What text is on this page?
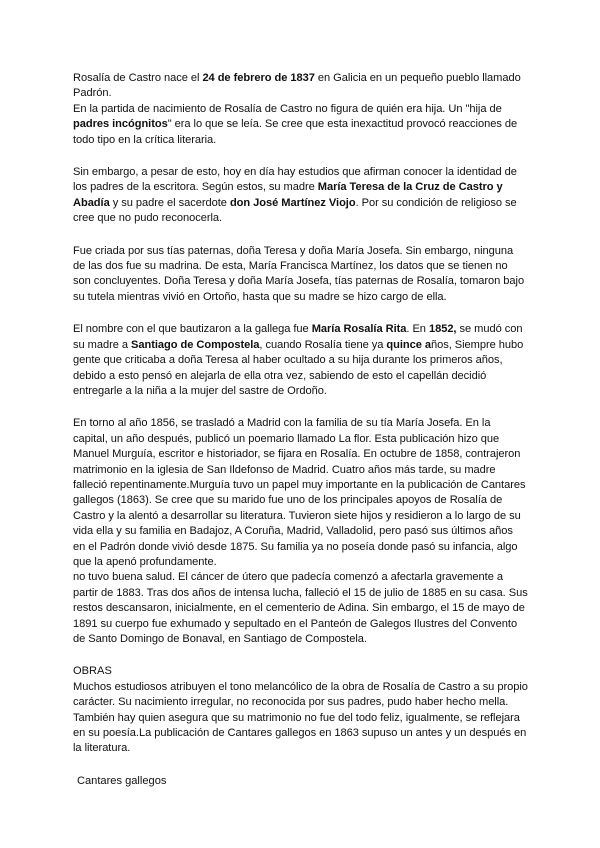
Rosalía de Castro nace el 24 de febrero de 1837 en Galicia en un pequeño pueblo llamado Padrón.

En la partida de nacimiento de Rosalía de Castro no figura de quién era hija. Un "hija de padres incógnitos" era lo que se leía. Se cree que esta inexactitud provocó reacciones de todo tipo en la crítica literaria.

Sin embargo, a pesar de esto, hoy en día hay estudios que afirman conocer la identidad de los padres de la escritora. Según estos, su madre María Teresa de la Cruz de Castro y Abadía y su padre el sacerdote don José Martínez Viojo. Por su condición de religioso se cree que no pudo reconocerla.

Fue criada por sus tías paternas, doña Teresa y doña María Josefa. Sin embargo, ninguna de las dos fue su madrina. De esta, María Francisca Martínez, los datos que se tienen no son concluyentes. Doña Teresa y doña María Josefa, tías paternas de Rosalía, tomaron bajo su tutela mientras vivió en Ortoño, hasta que su madre se hizo cargo de ella.

El nombre con el que bautizaron a la gallega fue María Rosalía Rita. En 1852, se mudó con su madre a Santiago de Compostela, cuando Rosalía tiene ya quince años, Siempre hubo gente que criticaba a doña Teresa al haber ocultado a su hija durante los primeros años, debido a esto pensó en alejarla de ella otra vez, sabiendo de esto el capellán decidió entregarle a la niña a la mujer del sastre de Ordoño.

En torno al año 1856, se trasladó a Madrid con la familia de su tía María Josefa. En la capital, un año después, publicó un poemario llamado La flor. Esta publicación hizo que Manuel Murguía, escritor e historiador, se fijara en Rosalía. En octubre de 1858, contrajeron matrimonio en la iglesia de San Ildefonso de Madrid. Cuatro años más tarde, su madre falleció repentinamente.Murguía tuvo un papel muy importante en la publicación de Cantares gallegos (1863). Se cree que su marido fue uno de los principales apoyos de Rosalía de Castro y la alentó a desarrollar su literatura. Tuvieron siete hijos y residieron a lo largo de su vida ella y su familia en Badajoz, A Coruña, Madrid, Valladolid, pero pasó sus últimos años en el Padrón donde vivió desde 1875. Su familia ya no poseía donde pasó su infancia, algo que la apenó profundamente.

no tuvo buena salud. El cáncer de útero que padecía comenzó a afectarla gravemente a partir de 1883. Tras dos años de intensa lucha, falleció el 15 de julio de 1885 en su casa. Sus restos descansaron, inicialmente, en el cementerio de Adina. Sin embargo, el 15 de mayo de 1891 su cuerpo fue exhumado y sepultado en el Panteón de Galegos Ilustres del Convento de Santo Domingo de Bonaval, en Santiago de Compostela.

OBRAS

Muchos estudiosos atribuyen el tono melancólico de la obra de Rosalía de Castro a su propio carácter. Su nacimiento irregular, no reconocida por sus padres, pudo haber hecho mella. También hay quien asegura que su matrimonio no fue del todo feliz, igualmente, se reflejara en su poesía.La publicación de Cantares gallegos en 1863 supuso un antes y un después en la literatura.

Cantares gallegos
